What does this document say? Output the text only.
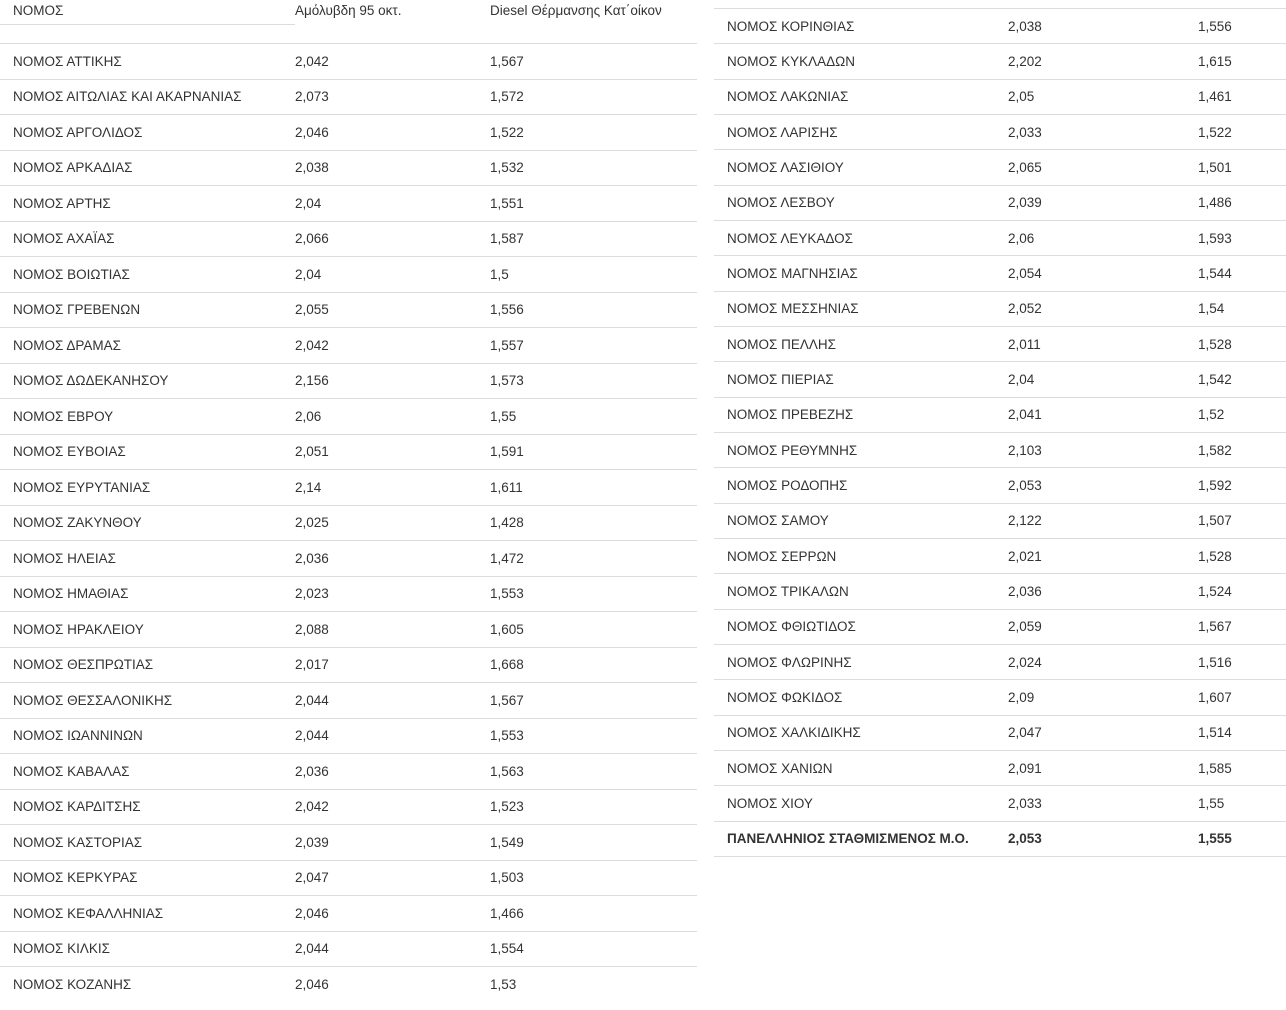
ΝΟΜΟΣ	Αμόλυβδη 95 οκτ.	Diesel Θέρμανσης Κατ΄οίκον
ΝΟΜΟΣ ΑΤΤΙΚΗΣ	2,042	1,567
ΝΟΜΟΣ ΑΙΤΩΛΙΑΣ ΚΑΙ ΑΚΑΡΝΑΝΙΑΣ	2,073	1,572
ΝΟΜΟΣ ΑΡΓΟΛΙΔΟΣ	2,046	1,522
ΝΟΜΟΣ ΑΡΚΑΔΙΑΣ	2,038	1,532
ΝΟΜΟΣ ΑΡΤΗΣ	2,04	1,551
ΝΟΜΟΣ ΑΧΑΪΑΣ	2,066	1,587
ΝΟΜΟΣ ΒΟΙΩΤΙΑΣ	2,04	1,5
ΝΟΜΟΣ ΓΡΕΒΕΝΩΝ	2,055	1,556
ΝΟΜΟΣ ΔΡΑΜΑΣ	2,042	1,557
ΝΟΜΟΣ ΔΩΔΕΚΑΝΗΣΟΥ	2,156	1,573
ΝΟΜΟΣ ΕΒΡΟΥ	2,06	1,55
ΝΟΜΟΣ ΕΥΒΟΙΑΣ	2,051	1,591
ΝΟΜΟΣ ΕΥΡΥΤΑΝΙΑΣ	2,14	1,611
ΝΟΜΟΣ ΖΑΚΥΝΘΟΥ	2,025	1,428
ΝΟΜΟΣ ΗΛΕΙΑΣ	2,036	1,472
ΝΟΜΟΣ ΗΜΑΘΙΑΣ	2,023	1,553
ΝΟΜΟΣ ΗΡΑΚΛΕΙΟΥ	2,088	1,605
ΝΟΜΟΣ ΘΕΣΠΡΩΤΙΑΣ	2,017	1,668
ΝΟΜΟΣ ΘΕΣΣΑΛΟΝΙΚΗΣ	2,044	1,567
ΝΟΜΟΣ ΙΩΑΝΝΙΝΩΝ	2,044	1,553
ΝΟΜΟΣ ΚΑΒΑΛΑΣ	2,036	1,563
ΝΟΜΟΣ ΚΑΡΔΙΤΣΗΣ	2,042	1,523
ΝΟΜΟΣ ΚΑΣΤΟΡΙΑΣ	2,039	1,549
ΝΟΜΟΣ ΚΕΡΚΥΡΑΣ	2,047	1,503
ΝΟΜΟΣ ΚΕΦΑΛΛΗΝΙΑΣ	2,046	1,466
ΝΟΜΟΣ ΚΙΛΚΙΣ	2,044	1,554
ΝΟΜΟΣ ΚΟΖΑΝΗΣ	2,046	1,53
ΝΟΜΟΣ ΚΟΡΙΝΘΙΑΣ	2,038	1,556
ΝΟΜΟΣ ΚΥΚΛΑΔΩΝ	2,202	1,615
ΝΟΜΟΣ ΛΑΚΩΝΙΑΣ	2,05	1,461
ΝΟΜΟΣ ΛΑΡΙΣΗΣ	2,033	1,522
ΝΟΜΟΣ ΛΑΣΙΘΙΟΥ	2,065	1,501
ΝΟΜΟΣ ΛΕΣΒΟΥ	2,039	1,486
ΝΟΜΟΣ ΛΕΥΚΑΔΟΣ	2,06	1,593
ΝΟΜΟΣ ΜΑΓΝΗΣΙΑΣ	2,054	1,544
ΝΟΜΟΣ ΜΕΣΣΗΝΙΑΣ	2,052	1,54
ΝΟΜΟΣ ΠΕΛΛΗΣ	2,011	1,528
ΝΟΜΟΣ ΠΙΕΡΙΑΣ	2,04	1,542
ΝΟΜΟΣ ΠΡΕΒΕΖΗΣ	2,041	1,52
ΝΟΜΟΣ ΡΕΘΥΜΝΗΣ	2,103	1,582
ΝΟΜΟΣ ΡΟΔΟΠΗΣ	2,053	1,592
ΝΟΜΟΣ ΣΑΜΟΥ	2,122	1,507
ΝΟΜΟΣ ΣΕΡΡΩΝ	2,021	1,528
ΝΟΜΟΣ ΤΡΙΚΑΛΩΝ	2,036	1,524
ΝΟΜΟΣ ΦΘΙΩΤΙΔΟΣ	2,059	1,567
ΝΟΜΟΣ ΦΛΩΡΙΝΗΣ	2,024	1,516
ΝΟΜΟΣ ΦΩΚΙΔΟΣ	2,09	1,607
ΝΟΜΟΣ ΧΑΛΚΙΔΙΚΗΣ	2,047	1,514
ΝΟΜΟΣ ΧΑΝΙΩΝ	2,091	1,585
ΝΟΜΟΣ ΧΙΟΥ	2,033	1,55
ΠΑΝΕΛΛΗΝΙΟΣ ΣΤΑΘΜΙΣΜΕΝΟΣ Μ.Ο.	2,053	1,555
